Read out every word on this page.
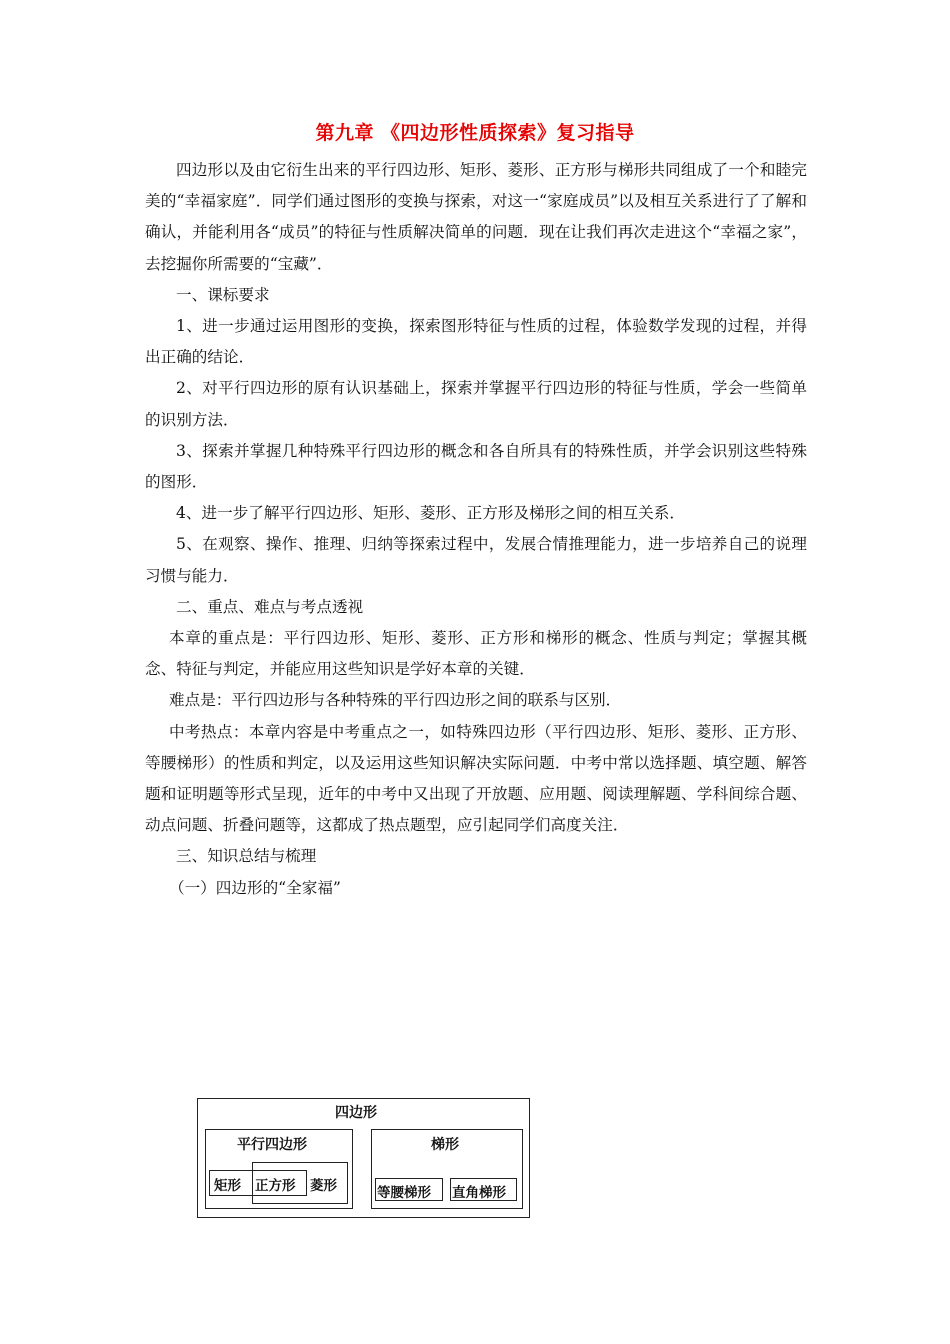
第九章 《四边形性质探索》复习指导

四边形以及由它衍生出来的平行四边形、矩形、菱形、正方形与梯形共同组成了一个和睦完美的“幸福家庭”．同学们通过图形的变换与探索，对这一“家庭成员”以及相互关系进行了了解和确认，并能利用各“成员”的特征与性质解决简单的问题．现在让我们再次走进这个“幸福之家”，去挖掘你所需要的“宝藏”．

一、课标要求

1、进一步通过运用图形的变换，探索图形特征与性质的过程，体验数学发现的过程，并得出正确的结论．

2、对平行四边形的原有认识基础上，探索并掌握平行四边形的特征与性质，学会一些简单的识别方法．

3、探索并掌握几种特殊平行四边形的概念和各自所具有的特殊性质，并学会识别这些特殊的图形．

4、进一步了解平行四边形、矩形、菱形、正方形及梯形之间的相互关系．

5、在观察、操作、推理、归纳等探索过程中，发展合情推理能力，进一步培养自己的说理习惯与能力．

二、重点、难点与考点透视

本章的重点是：平行四边形、矩形、菱形、正方形和梯形的概念、性质与判定；掌握其概念、特征与判定，并能应用这些知识是学好本章的关键．

难点是：平行四边形与各种特殊的平行四边形之间的联系与区别．

中考热点：本章内容是中考重点之一，如特殊四边形（平行四边形、矩形、菱形、正方形、等腰梯形）的性质和判定，以及运用这些知识解决实际问题．中考中常以选择题、填空题、解答题和证明题等形式呈现，近年的中考中又出现了开放题、应用题、阅读理解题、学科间综合题、动点问题、折叠问题等，这都成了热点题型，应引起同学们高度关注．

三、知识总结与梳理

（一）四边形的“全家福”

四边形
平行四边形
矩形	菱形
正方形
梯形
等腰梯形 直角梯形
